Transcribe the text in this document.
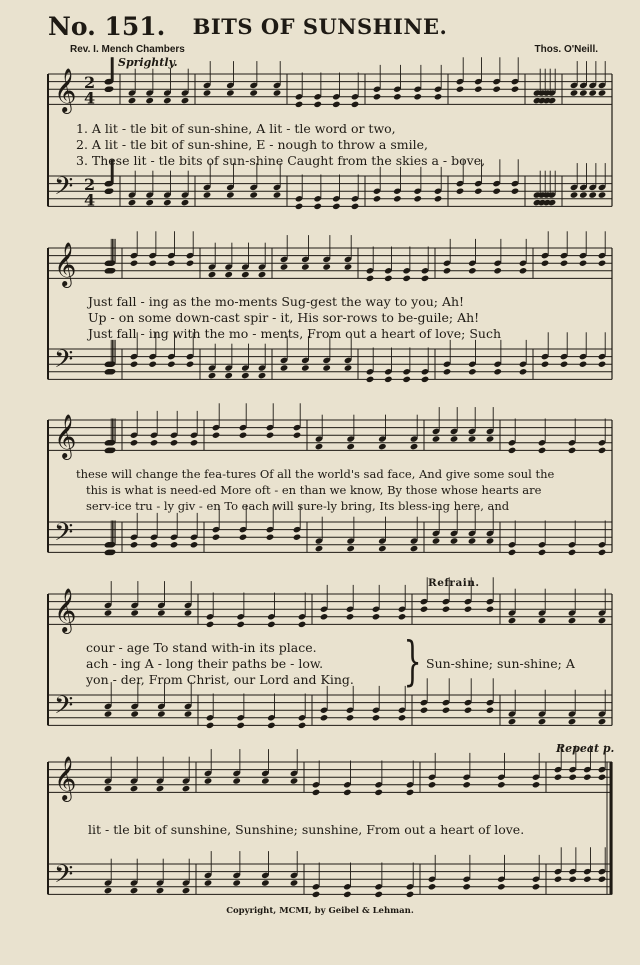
No. 151.	BITS OF SUNSHINE.
Rev. I. Mench Chambers	Thos. O'Neill.
Sprightly.
𝄞
𝄢
𝄞
𝄢
𝄞
𝄢
𝄞
𝄢
𝄞
𝄢
2
4
2
4
1. A lit - tle bit of sun-shine, A lit - tle word or two,
2. A lit - tle bit of sun-shine, E - nough to throw a smile,
3. These lit - tle bits of sun-shine Caught from the skies a - bove,
Just fall - ing as the mo-ments Sug-gest the way to you; Ah!
Up - on some down-cast spir - it, His sor-rows to be-guile; Ah!
Just fall - ing with the mo - ments, From out a heart of love; Such
these will change the fea-tures Of all the world's sad face, And give some soul the
this is what is need-ed More oft - en than we know, By those whose hearts are
serv-ice tru - ly giv - en To each will sure-ly bring, Its bless-ing here, and
Refrain.
cour - age To stand with-in its place.
ach - ing A - long their paths be - low.
yon - der, From Christ, our Lord and King. } Sun-shine; sun-shine; A
Repeat p.
lit - tle bit of sunshine, Sunshine; sunshine, From out a heart of love.
Copyright, MCMI, by Geibel & Lehman.
